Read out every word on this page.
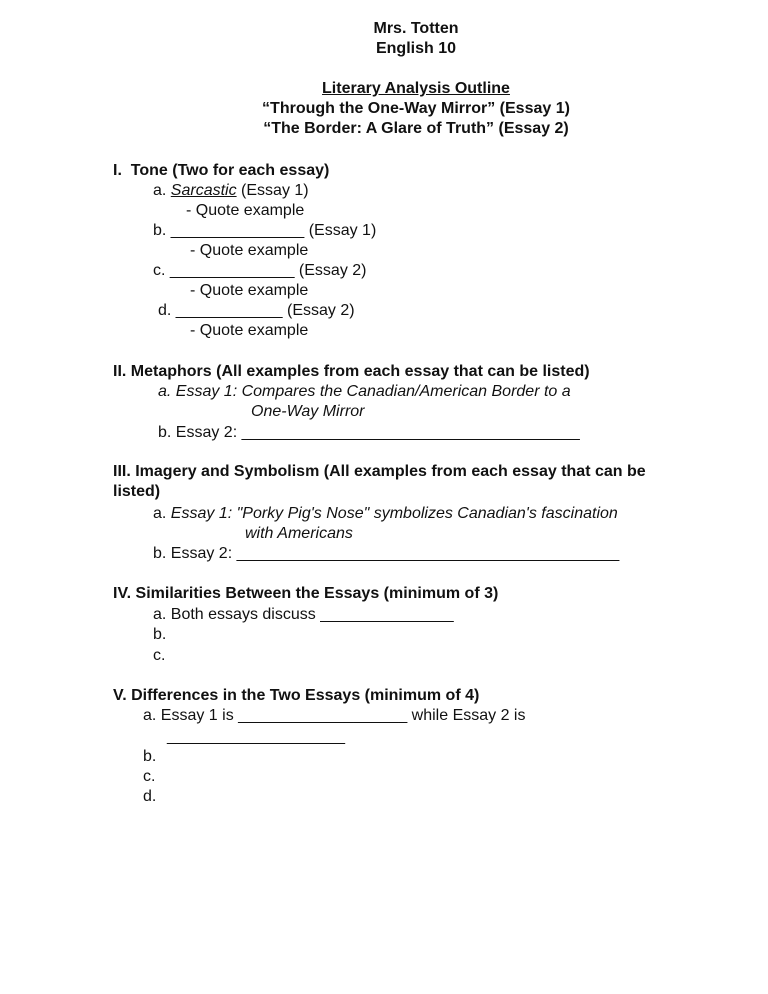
Mrs. Totten
English 10
Literary Analysis Outline
“Through the One-Way Mirror” (Essay 1)
“The Border: A Glare of Truth” (Essay 2)
I.  Tone (Two for each essay)
a. Sarcastic (Essay 1)
- Quote example
b. _______________ (Essay 1)
- Quote example
c. ______________ (Essay 2)
- Quote example
d. ____________ (Essay 2)
- Quote example
II. Metaphors (All examples from each essay that can be listed)
a. Essay 1: Compares the Canadian/American Border to a
One-Way Mirror
b. Essay 2: ______________________________________
III. Imagery and Symbolism (All examples from each essay that can be
listed)
a. Essay 1: "Porky Pig's Nose" symbolizes Canadian's fascination
with Americans
b. Essay 2: ___________________________________________
IV. Similarities Between the Essays (minimum of 3)
a. Both essays discuss _______________
b.
c.
V. Differences in the Two Essays (minimum of 4)
a. Essay 1 is ___________________ while Essay 2 is
____________________
b.
c.
d.
